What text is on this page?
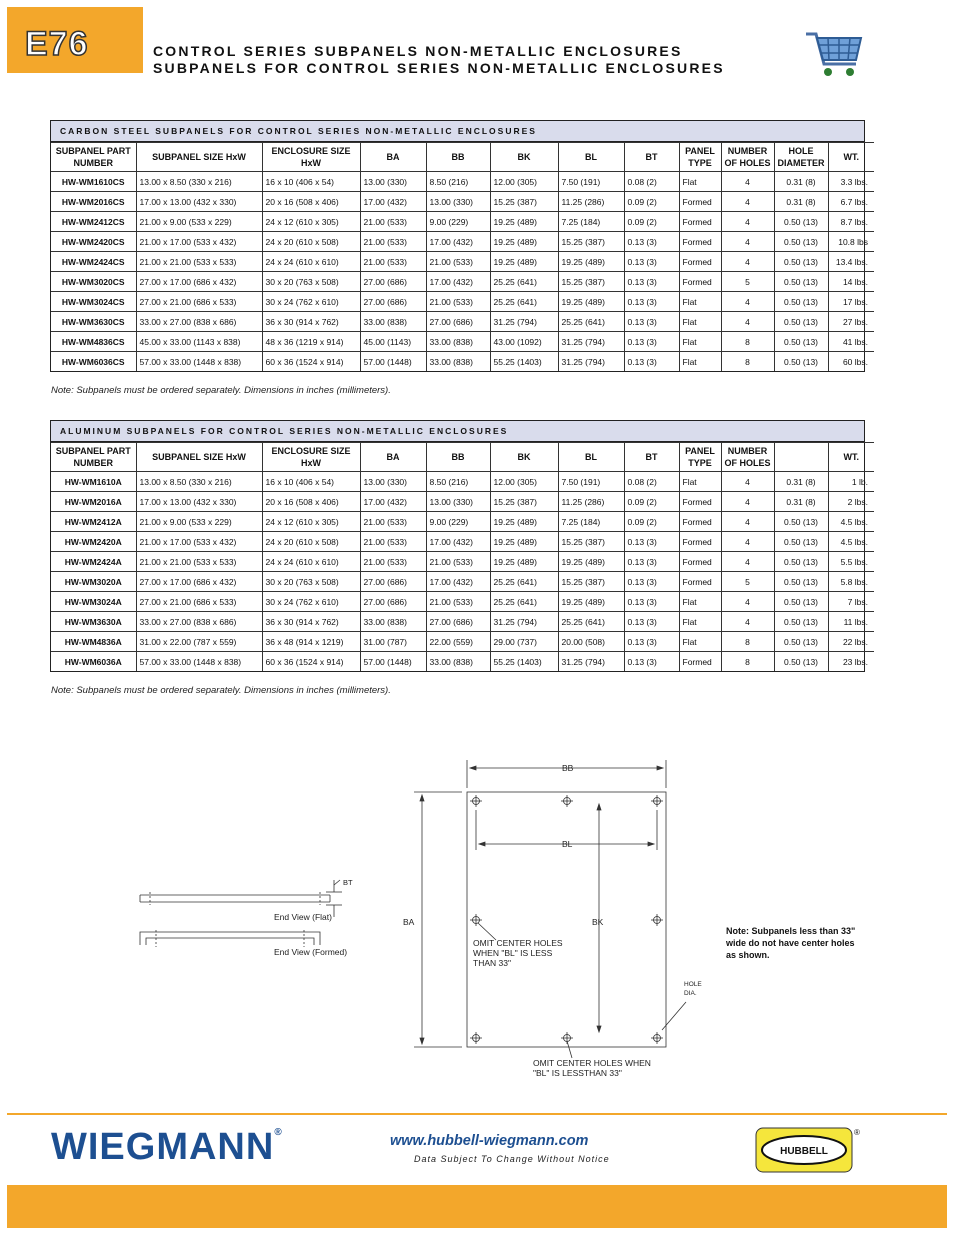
E76	CONTROL SERIES SUBPANELS NON-METALLIC ENCLOSURES
SUBPANELS FOR CONTROL SERIES NON-METALLIC ENCLOSURES
CARBON STEEL SUBPANELS FOR CONTROL SERIES NON-METALLIC ENCLOSURES
SUBPANEL PART NUMBER	SUBPANEL SIZE HxW	ENCLOSURE SIZE HxW	BA	BB	BK	BL	BT	PANEL TYPE	NUMBER OF HOLES	HOLE DIAMETER	WT.
HW-WM1610CS	13.00 x 8.50 (330 x 216)	16 x 10 (406 x 54)	13.00 (330)	8.50 (216)	12.00 (305)	7.50 (191)	0.08 (2)	Flat	4	0.31 (8)	3.3 lbs.
HW-WM2016CS	17.00 x 13.00 (432 x 330)	20 x 16 (508 x 406)	17.00 (432)	13.00 (330)	15.25 (387)	11.25 (286)	0.09 (2)	Formed	4	0.31 (8)	6.7 lbs.
HW-WM2412CS	21.00 x 9.00 (533 x 229)	24 x 12 (610 x 305)	21.00 (533)	9.00 (229)	19.25 (489)	7.25 (184)	0.09 (2)	Formed	4	0.50 (13)	8.7 lbs.
HW-WM2420CS	21.00 x 17.00 (533 x 432)	24 x 20 (610 x 508)	21.00 (533)	17.00 (432)	19.25 (489)	15.25 (387)	0.13 (3)	Formed	4	0.50 (13)	10.8 lbs
HW-WM2424CS	21.00 x 21.00 (533 x 533)	24 x 24 (610 x 610)	21.00 (533)	21.00 (533)	19.25 (489)	19.25 (489)	0.13 (3)	Formed	4	0.50 (13)	13.4 lbs.
HW-WM3020CS	27.00 x 17.00 (686 x 432)	30 x 20 (763 x 508)	27.00 (686)	17.00 (432)	25.25 (641)	15.25 (387)	0.13 (3)	Formed	5	0.50 (13)	14 lbs.
HW-WM3024CS	27.00 x 21.00 (686 x 533)	30 x 24 (762 x 610)	27.00 (686)	21.00 (533)	25.25 (641)	19.25 (489)	0.13 (3)	Flat	4	0.50 (13)	17 lbs.
HW-WM3630CS	33.00 x 27.00 (838 x 686)	36 x 30 (914 x 762)	33.00 (838)	27.00 (686)	31.25 (794)	25.25 (641)	0.13 (3)	Flat	4	0.50 (13)	27 lbs.
HW-WM4836CS	45.00 x 33.00 (1143 x 838)	48 x 36 (1219 x 914)	45.00 (1143)	33.00 (838)	43.00 (1092)	31.25 (794)	0.13 (3)	Flat	8	0.50 (13)	41 lbs.
HW-WM6036CS	57.00 x 33.00 (1448 x 838)	60 x 36 (1524 x 914)	57.00 (1448)	33.00 (838)	55.25 (1403)	31.25 (794)	0.13 (3)	Flat	8	0.50 (13)	60 lbs.
Note: Subpanels must be ordered separately. Dimensions in inches (millimeters).
ALUMINUM SUBPANELS FOR CONTROL SERIES NON-METALLIC ENCLOSURES
SUBPANEL PART NUMBER	SUBPANEL SIZE HxW	ENCLOSURE SIZE HxW	BA	BB	BK	BL	BT	PANEL TYPE	NUMBER OF HOLES		WT.
HW-WM1610A	13.00 x 8.50 (330 x 216)	16 x 10 (406 x 54)	13.00 (330)	8.50 (216)	12.00 (305)	7.50 (191)	0.08 (2)	Flat	4	0.31 (8)	1 lb.
HW-WM2016A	17.00 x 13.00 (432 x 330)	20 x 16 (508 x 406)	17.00 (432)	13.00 (330)	15.25 (387)	11.25 (286)	0.09 (2)	Formed	4	0.31 (8)	2 lbs.
HW-WM2412A	21.00 x 9.00 (533 x 229)	24 x 12 (610 x 305)	21.00 (533)	9.00 (229)	19.25 (489)	7.25 (184)	0.09 (2)	Formed	4	0.50 (13)	4.5 lbs.
HW-WM2420A	21.00 x 17.00 (533 x 432)	24 x 20 (610 x 508)	21.00 (533)	17.00 (432)	19.25 (489)	15.25 (387)	0.13 (3)	Formed	4	0.50 (13)	4.5 lbs.
HW-WM2424A	21.00 x 21.00 (533 x 533)	24 x 24 (610 x 610)	21.00 (533)	21.00 (533)	19.25 (489)	19.25 (489)	0.13 (3)	Formed	4	0.50 (13)	5.5 lbs.
HW-WM3020A	27.00 x 17.00 (686 x 432)	30 x 20 (763 x 508)	27.00 (686)	17.00 (432)	25.25 (641)	15.25 (387)	0.13 (3)	Formed	5	0.50 (13)	5.8 lbs.
HW-WM3024A	27.00 x 21.00 (686 x 533)	30 x 24 (762 x 610)	27.00 (686)	21.00 (533)	25.25 (641)	19.25 (489)	0.13 (3)	Flat	4	0.50 (13)	7 lbs.
HW-WM3630A	33.00 x 27.00 (838 x 686)	36 x 30 (914 x 762)	33.00 (838)	27.00 (686)	31.25 (794)	25.25 (641)	0.13 (3)	Flat	4	0.50 (13)	11 lbs.
HW-WM4836A	31.00 x 22.00 (787 x 559)	36 x 48 (914 x 1219)	31.00 (787)	22.00 (559)	29.00 (737)	20.00 (508)	0.13 (3)	Flat	8	0.50 (13)	22 lbs.
HW-WM6036A	57.00 x 33.00 (1448 x 838)	60 x 36 (1524 x 914)	57.00 (1448)	33.00 (838)	55.25 (1403)	31.25 (794)	0.13 (3)	Formed	8	0.50 (13)	23 lbs.
Note: Subpanels must be ordered separately. Dimensions in inches (millimeters).
BB
BL
BA	BK
BT
End View (Flat)
End View (Formed)
OMIT CENTER HOLES
WHEN "BL" IS LESS
THAN 33"
OMIT CENTER HOLES WHEN
"BL" IS LESSTHAN 33"
HOLE
DIA.
Note: Subpanels less than 33" wide do not have center holes as shown.
WIEGMANN®
www.hubbell-wiegmann.com
Data Subject To Change Without Notice
HUBBELL
®
